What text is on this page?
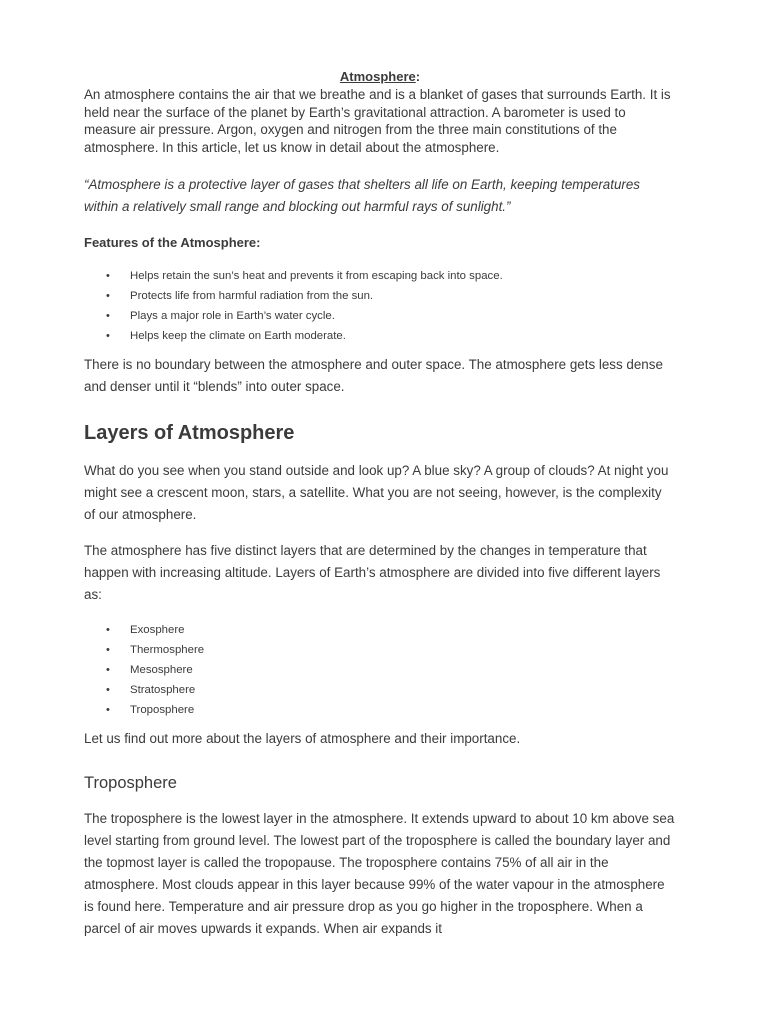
Atmosphere:

An atmosphere contains the air that we breathe and is a blanket of gases that surrounds Earth. It is held near the surface of the planet by Earth’s gravitational attraction. A barometer is used to measure air pressure. Argon, oxygen and nitrogen from the three main constitutions of the atmosphere. In this article, let us know in detail about the atmosphere.

“Atmosphere is a protective layer of gases that shelters all life on Earth, keeping temperatures within a relatively small range and blocking out harmful rays of sunlight.”

Features of the Atmosphere:

• Helps retain the sun’s heat and prevents it from escaping back into space.
• Protects life from harmful radiation from the sun.
• Plays a major role in Earth’s water cycle.
• Helps keep the climate on Earth moderate.

There is no boundary between the atmosphere and outer space. The atmosphere gets less dense and denser until it “blends” into outer space.

Layers of Atmosphere

What do you see when you stand outside and look up? A blue sky? A group of clouds? At night you might see a crescent moon, stars, a satellite. What you are not seeing, however, is the complexity of our atmosphere.

The atmosphere has five distinct layers that are determined by the changes in temperature that happen with increasing altitude. Layers of Earth’s atmosphere are divided into five different layers as:

• Exosphere
• Thermosphere
• Mesosphere
• Stratosphere
• Troposphere

Let us find out more about the layers of atmosphere and their importance.

Troposphere

The troposphere is the lowest layer in the atmosphere. It extends upward to about 10 km above sea level starting from ground level. The lowest part of the troposphere is called the boundary layer and the topmost layer is called the tropopause. The troposphere contains 75% of all air in the atmosphere. Most clouds appear in this layer because 99% of the water vapour in the atmosphere is found here. Temperature and air pressure drop as you go higher in the troposphere. When a parcel of air moves upwards it expands. When air expands it
